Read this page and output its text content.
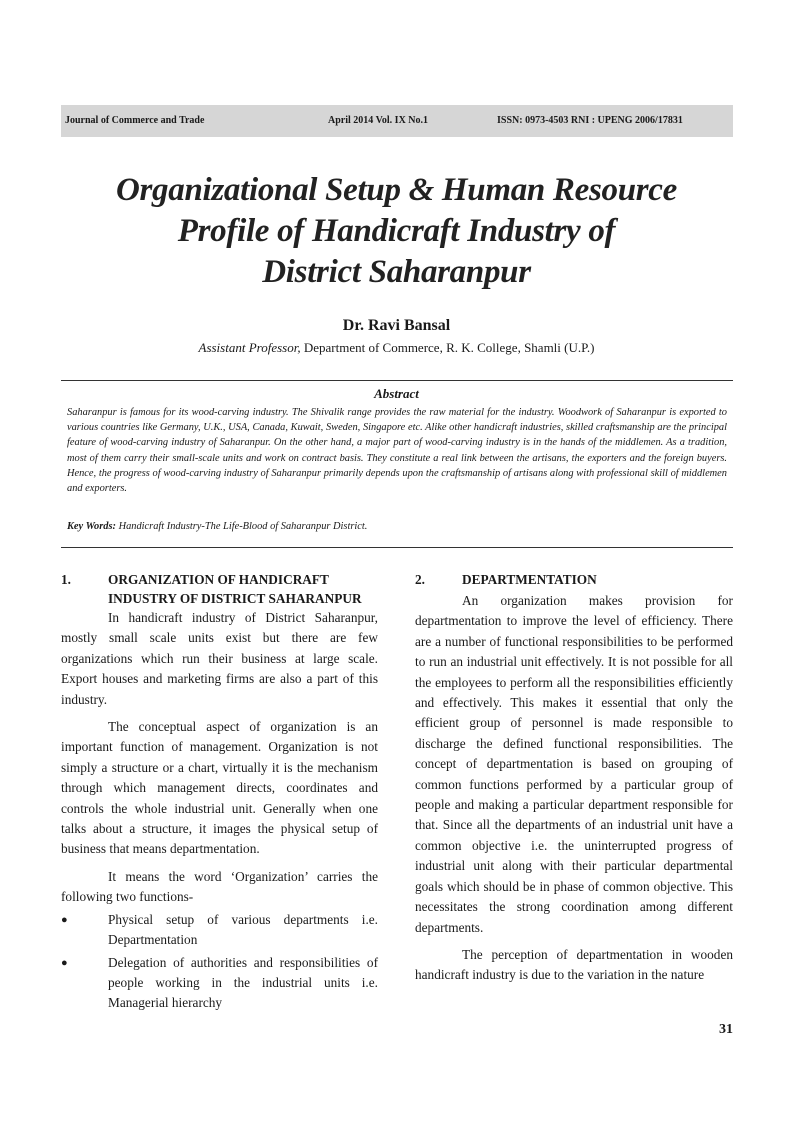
Journal of Commerce and Trade	April 2014 Vol. IX No.1	ISSN: 0973-4503 RNI : UPENG 2006/17831
Organizational Setup & Human Resource
Profile of Handicraft Industry of
District Saharanpur
Dr. Ravi Bansal
Assistant Professor, Department of Commerce, R. K. College, Shamli (U.P.)
Abstract
Saharanpur is famous for its wood-carving industry. The Shivalik range provides the raw material for the industry. Woodwork of Saharanpur is exported to various countries like Germany, U.K., USA, Canada, Kuwait, Sweden, Singapore etc. Alike other handicraft industries, skilled craftsmanship are the principal feature of wood-carving industry of Saharanpur. On the other hand, a major part of wood-carving industry is in the hands of the middlemen. As a tradition, most of them carry their small-scale units and work on contract basis. They constitute a real link between the artisans, the exporters and the foreign buyers. Hence, the progress of wood-carving industry of Saharanpur primarily depends upon the craftsmanship of artisans along with professional skill of middlemen and exporters.
Key Words: Handicraft Industry-The Life-Blood of Saharanpur District.
1.	ORGANIZATION OF HANDICRAFT INDUSTRY OF DISTRICT SAHARANPUR

In handicraft industry of District Saharanpur, mostly small scale units exist but there are few organizations which run their business at large scale. Export houses and marketing firms are also a part of this industry.

The conceptual aspect of organization is an important function of management. Organization is not simply a structure or a chart, virtually it is the mechanism through which management directs, coordinates and controls the whole industrial unit. Generally when one talks about a structure, it images the physical setup of business that means departmentation.

It means the word ‘Organization’ carries the following two functions-

●	Physical setup of various departments i.e. Departmentation
●	Delegation of authorities and responsibilities of people working in the industrial units i.e. Managerial hierarchy
2.	DEPARTMENTATION

An organization makes provision for departmentation to improve the level of efficiency. There are a number of functional responsibilities to be performed to run an industrial unit effectively. It is not possible for all the employees to perform all the responsibilities efficiently and effectively. This makes it essential that only the efficient group of personnel is made responsible to discharge the defined functional responsibilities. The concept of departmentation is based on grouping of common functions performed by a particular group of people and making a particular department responsible for that. Since all the departments of an industrial unit have a common objective i.e. the uninterrupted progress of industrial unit along with their particular departmental goals which should be in phase of common objective. This necessitates the strong coordination among different departments.

The perception of departmentation in wooden handicraft industry is due to the variation in the nature

31
